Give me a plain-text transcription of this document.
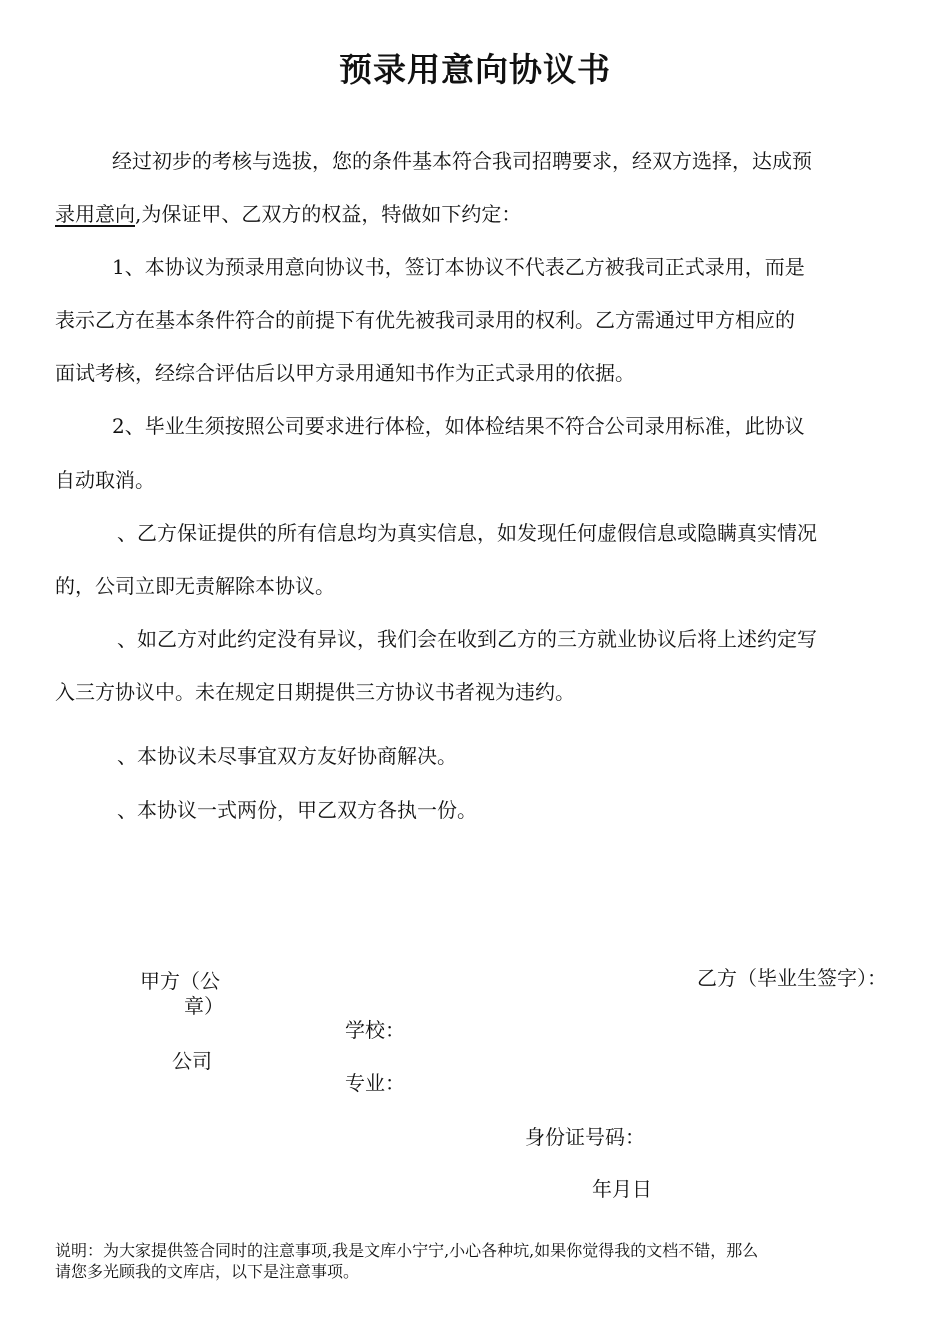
预录用意向协议书

经过初步的考核与选拔，您的条件基本符合我司招聘要求，经双方选择，达成预

录用意向,为保证甲、乙双方的权益，特做如下约定：

1、本协议为预录用意向协议书，签订本协议不代表乙方被我司正式录用，而是

表示乙方在基本条件符合的前提下有优先被我司录用的权利。乙方需通过甲方相应的

面试考核，经综合评估后以甲方录用通知书作为正式录用的依据。

2、毕业生须按照公司要求进行体检，如体检结果不符合公司录用标准，此协议

自动取消。

、乙方保证提供的所有信息均为真实信息，如发现任何虚假信息或隐瞒真实情况

的，公司立即无责解除本协议。

、如乙方对此约定没有异议，我们会在收到乙方的三方就业协议后将上述约定写

入三方协议中。未在规定日期提供三方协议书者视为违约。

、本协议未尽事宜双方友好协商解决。

、本协议一式两份，甲乙双方各执一份。

甲方（公

章）

公司

乙方（毕业生签字）：

学校：

专业：

身份证号码：

年月日

说明：为大家提供签合同时的注意事项,我是文库小宁宁,小心各种坑,如果你觉得我的文档不错，那么

请您多光顾我的文库店，以下是注意事项。
